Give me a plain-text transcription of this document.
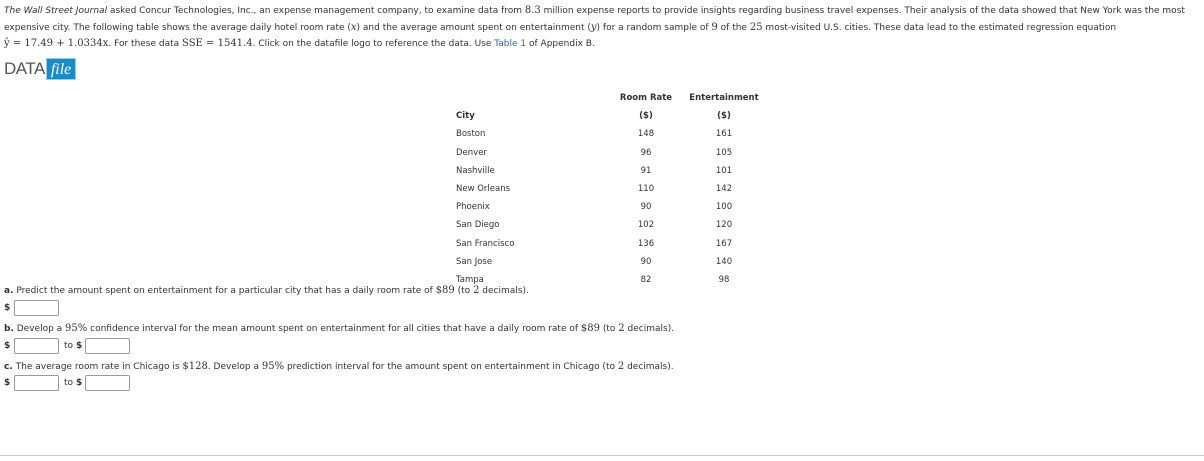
The Wall Street Journal asked Concur Technologies, Inc., an expense management company, to examine data from 8.3 million expense reports to provide insights regarding business travel expenses. Their analysis of the data showed that New York was the most expensive city. The following table shows the average daily hotel room rate (x) and the average amount spent on entertainment (y) for a random sample of 9 of the 25 most-visited U.S. cities. These data lead to the estimated regression equation
ŷ = 17.49 + 1.0334x. For these data SSE = 1541.4. Click on the datafile logo to reference the data. Use Table 1 of Appendix B.
DATA file
	Room Rate	Entertainment
City	($)	($)
Boston	148	161
Denver	96	105
Nashville	91	101
New Orleans	110	142
Phoenix	90	100
San Diego	102	120
San Francisco	136	167
San Jose	90	140
Tampa	82	98
a. Predict the amount spent on entertainment for a particular city that has a daily room rate of $89 (to 2 decimals).
$
b. Develop a 95% confidence interval for the mean amount spent on entertainment for all cities that have a daily room rate of $89 (to 2 decimals).
$	to $
c. The average room rate in Chicago is $128. Develop a 95% prediction interval for the amount spent on entertainment in Chicago (to 2 decimals).
$	to $
